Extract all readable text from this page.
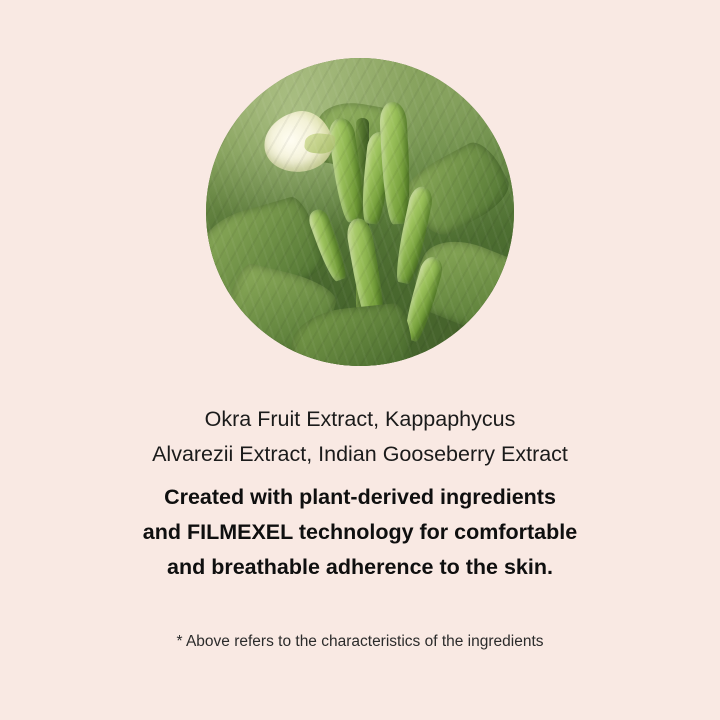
Okra Fruit Extract, Kappaphycus
Alvarezii Extract, Indian Gooseberry Extract
Created with plant-derived ingredients
and FILMEXEL technology for comfortable
and breathable adherence to the skin.
* Above refers to the characteristics of the ingredients
